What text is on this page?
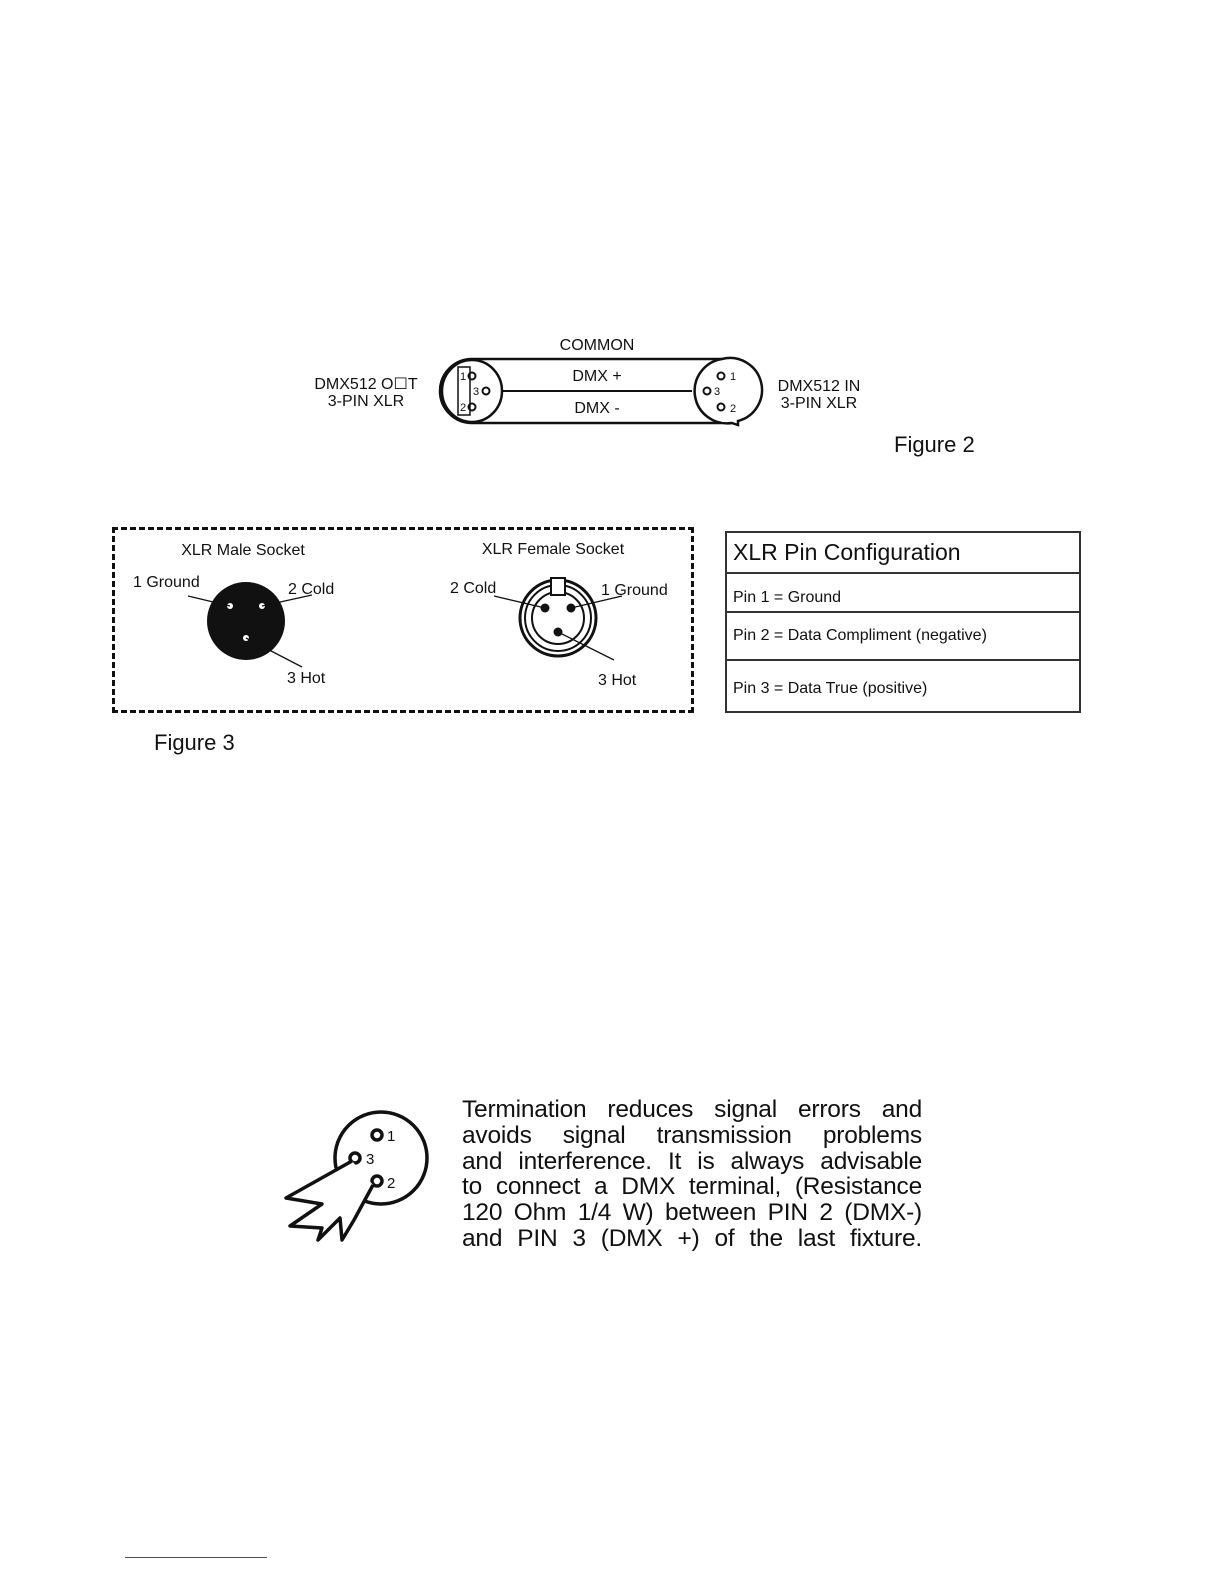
DMX512 O☐T
3-PIN XLR
COMMON
DMX +
DMX -
1
3
2
1
3
2
DMX512 IN
3-PIN XLR
Figure 2
XLR Male Socket
1 Ground	2 Cold
3 Hot
XLR Female Socket
2 Cold	1 Ground
3 Hot
Figure 3
XLR Pin Configuration
Pin 1 = Ground
Pin 2 = Data Compliment (negative)
Pin 3 = Data True (positive)
1
3
2
Termination reduces signal errors and
avoids signal transmission problems
and interference. It is always advisable
to connect a DMX terminal, (Resistance
120 Ohm 1/4 W) between PIN 2 (DMX-)
and PIN 3 (DMX +) of the last fixture.
